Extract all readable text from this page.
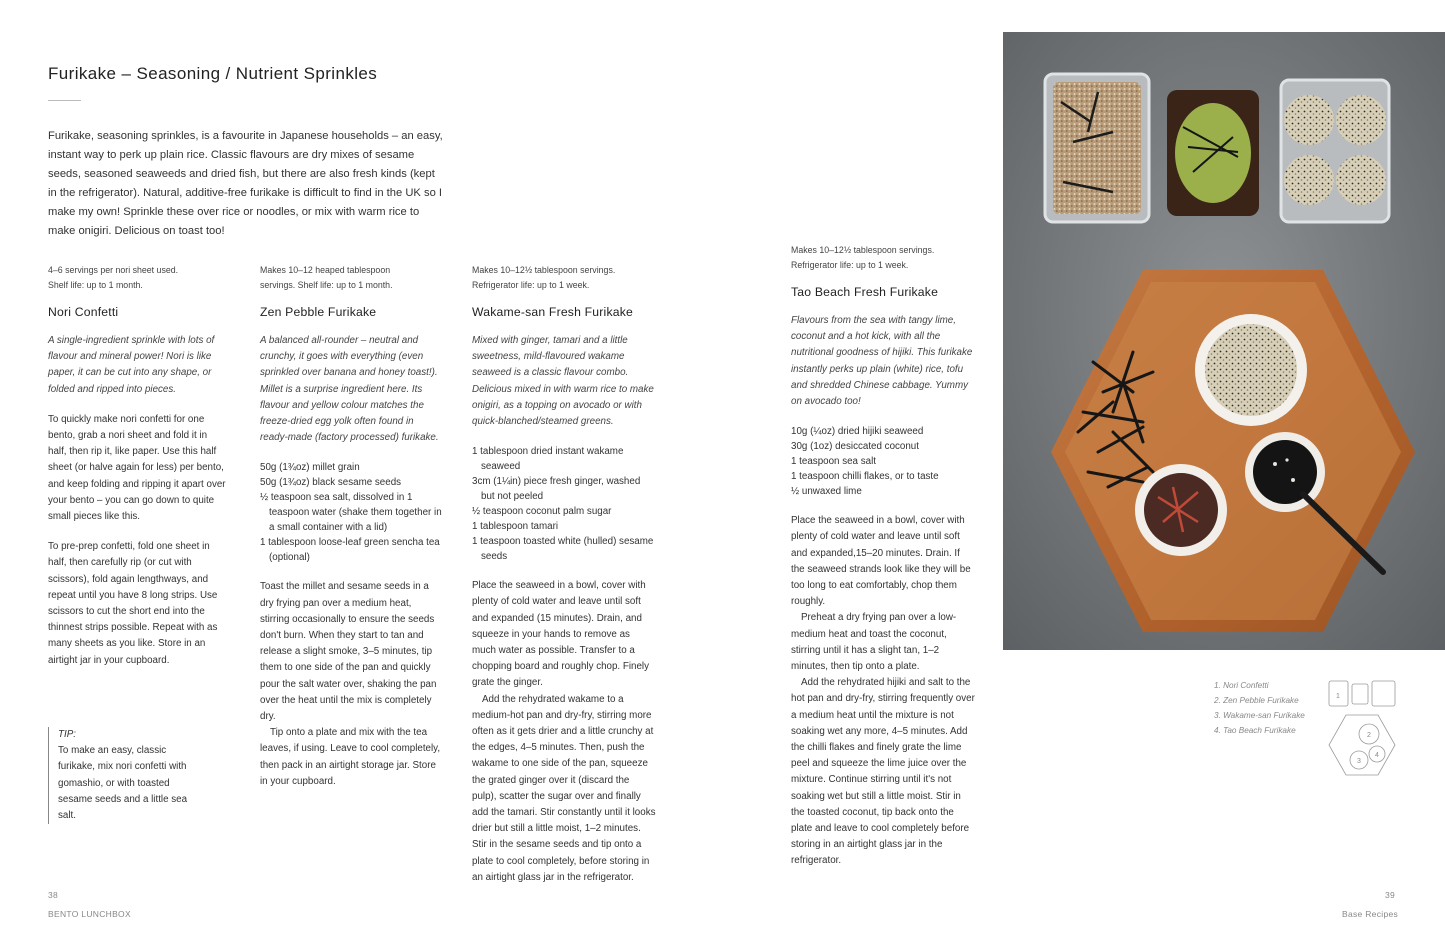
Furikake – Seasoning / Nutrient Sprinkles
Furikake, seasoning sprinkles, is a favourite in Japanese households – an easy, instant way to perk up plain rice. Classic flavours are dry mixes of sesame seeds, seasoned seaweeds and dried fish, but there are also fresh kinds (kept in the refrigerator). Natural, additive-free furikake is difficult to find in the UK so I make my own! Sprinkle these over rice or noodles, or mix with warm rice to make onigiri. Delicious on toast too!
4–6 servings per nori sheet used.
Shelf life: up to 1 month.
Nori Confetti

A single-ingredient sprinkle with lots of flavour and mineral power! Nori is like paper, it can be cut into any shape, or folded and ripped into pieces.

To quickly make nori confetti for one bento, grab a nori sheet and fold it in half, then rip it, like paper. Use this half sheet (or halve again for less) per bento, and keep folding and ripping it apart over your bento – you can go down to quite small pieces like this.

To pre-prep confetti, fold one sheet in half, then carefully rip (or cut with scissors), fold again lengthways, and repeat until you have 8 long strips. Use scissors to cut the short end into the thinnest strips possible. Repeat with as many sheets as you like. Store in an airtight jar in your cupboard.

TIP:
To make an easy, classic furikake, mix nori confetti with gomashio, or with toasted sesame seeds and a little sea salt.
Makes 10–12 heaped tablespoon
servings. Shelf life: up to 1 month.
Zen Pebble Furikake

A balanced all-rounder – neutral and crunchy, it goes with everything (even sprinkled over banana and honey toast!). Millet is a surprise ingredient here. Its flavour and yellow colour matches the freeze-dried egg yolk often found in ready-made (factory processed) furikake.

50g (1¾oz) millet grain
50g (1¾oz) black sesame seeds
½ teaspoon sea salt, dissolved in 1 teaspoon water (shake them together in a small container with a lid)
1 tablespoon loose-leaf green sencha tea (optional)

Toast the millet and sesame seeds in a dry frying pan over a medium heat, stirring occasionally to ensure the seeds don't burn. When they start to tan and release a slight smoke, 3–5 minutes, tip them to one side of the pan and quickly pour the salt water over, shaking the pan over the heat until the mix is completely dry.

Tip onto a plate and mix with the tea leaves, if using. Leave to cool completely, then pack in an airtight storage jar. Store in your cupboard.

Makes 10–12½ tablespoon servings.
Refrigerator life: up to 1 week.
Wakame-san Fresh Furikake

Mixed with ginger, tamari and a little sweetness, mild-flavoured wakame seaweed is a classic flavour combo. Delicious mixed in with warm rice to make onigiri, as a topping on avocado or with quick-blanched/steamed greens.

1 tablespoon dried instant wakame seaweed
3cm (1¼in) piece fresh ginger, washed but not peeled
½ teaspoon coconut palm sugar
1 tablespoon tamari
1 teaspoon toasted white (hulled) sesame seeds

Place the seaweed in a bowl, cover with plenty of cold water and leave until soft and expanded (15 minutes). Drain, and squeeze in your hands to remove as much water as possible. Transfer to a chopping board and roughly chop. Finely grate the ginger.

Add the rehydrated wakame to a medium-hot pan and dry-fry, stirring more often as it gets drier and a little crunchy at the edges, 4–5 minutes. Then, push the wakame to one side of the pan, squeeze the grated ginger over it (discard the pulp), scatter the sugar over and finally add the tamari. Stir constantly until it looks drier but still a little moist, 1–2 minutes. Stir in the sesame seeds and tip onto a plate to cool completely, before storing in an airtight glass jar in the refrigerator.

Makes 10–12½ tablespoon servings.
Refrigerator life: up to 1 week.
Tao Beach Fresh Furikake

Flavours from the sea with tangy lime, coconut and a hot kick, with all the nutritional goodness of hijiki. This furikake instantly perks up plain (white) rice, tofu and shredded Chinese cabbage. Yummy on avocado too!

10g (¼oz) dried hijiki seaweed
30g (1oz) desiccated coconut
1 teaspoon sea salt
1 teaspoon chilli flakes, or to taste
½ unwaxed lime

Place the seaweed in a bowl, cover with plenty of cold water and leave until soft and expanded,15–20 minutes. Drain. If the seaweed strands look like they will be too long to eat comfortably, chop them roughly.

Preheat a dry frying pan over a low-medium heat and toast the coconut, stirring until it has a slight tan, 1–2 minutes, then tip onto a plate.

Add the rehydrated hijiki and salt to the hot pan and dry-fry, stirring frequently over a medium heat until the mixture is not soaking wet any more, 4–5 minutes. Add the chilli flakes and finely grate the lime peel and squeeze the lime juice over the mixture. Continue stirring until it's not soaking wet but still a little moist. Stir in the toasted coconut, tip back onto the plate and leave to cool completely before storing in an airtight glass jar in the refrigerator.

1. Nori Confetti
2. Zen Pebble Furikake
3. Wakame-san Furikake
4. Tao Beach Furikake
1
2
3
4
38
BENTO LUNCHBOX
39
Base Recipes
